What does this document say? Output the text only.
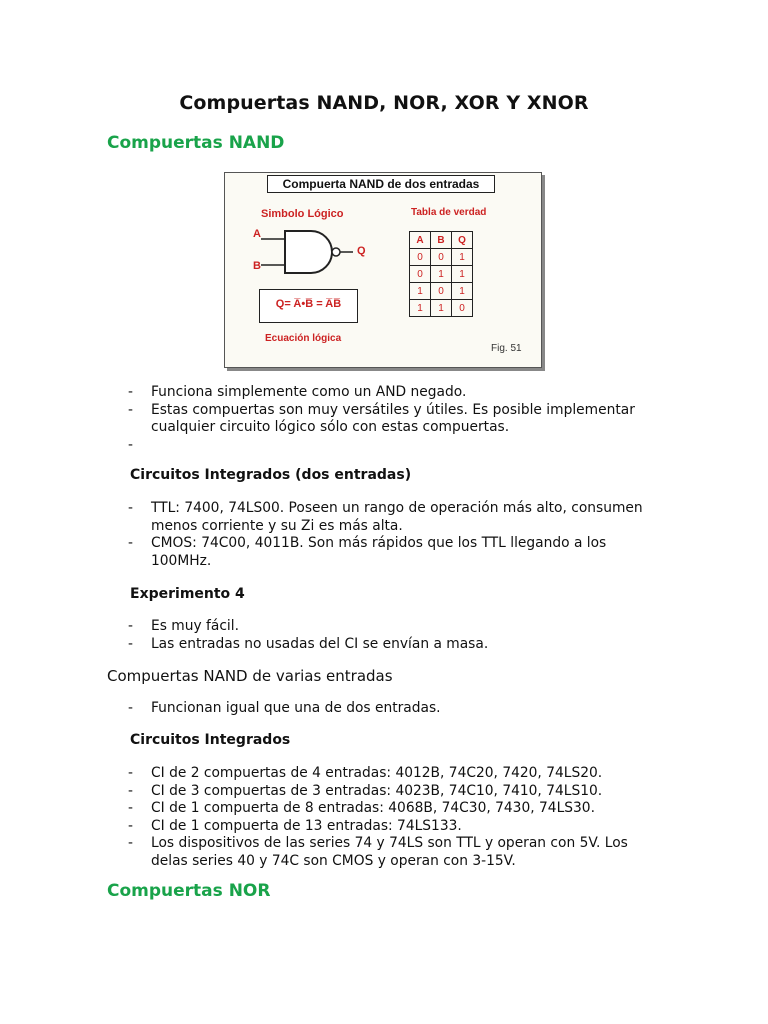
Compuertas NAND, NOR, XOR Y XNOR
Compuertas NAND
Compuerta NAND de dos entradas
Simbolo Lógico	Tabla de verdad
A
B
Q
Q= A̅•B̅ = A̅B̅
Ecuación lógica
A	B	Q
0	0	1
0	1	1
1	0	1
1	1	0
Fig. 51
- Funciona simplemente como un AND negado.
- Estas compuertas son muy versátiles y útiles. Es posible implementar cualquier circuito lógico sólo con estas compuertas.
-
Circuitos Integrados (dos entradas)
- TTL: 7400, 74LS00. Poseen un rango de operación más alto, consumen menos corriente y su Zi es más alta.
- CMOS: 74C00, 4011B. Son más rápidos que los TTL llegando a los 100MHz.
Experimento 4
- Es muy fácil.
- Las entradas no usadas del CI se envían a masa.
Compuertas NAND de varias entradas
- Funcionan igual que una de dos entradas.
Circuitos Integrados
- CI de 2 compuertas de 4 entradas: 4012B, 74C20, 7420, 74LS20.
- CI de 3 compuertas de 3 entradas: 4023B, 74C10, 7410, 74LS10.
- CI de 1 compuerta de 8 entradas: 4068B, 74C30, 7430, 74LS30.
- CI de 1 compuerta de 13 entradas: 74LS133.
- Los dispositivos de las series 74 y 74LS son TTL y operan con 5V. Los delas series 40 y 74C son CMOS y operan con 3-15V.
Compuertas NOR
